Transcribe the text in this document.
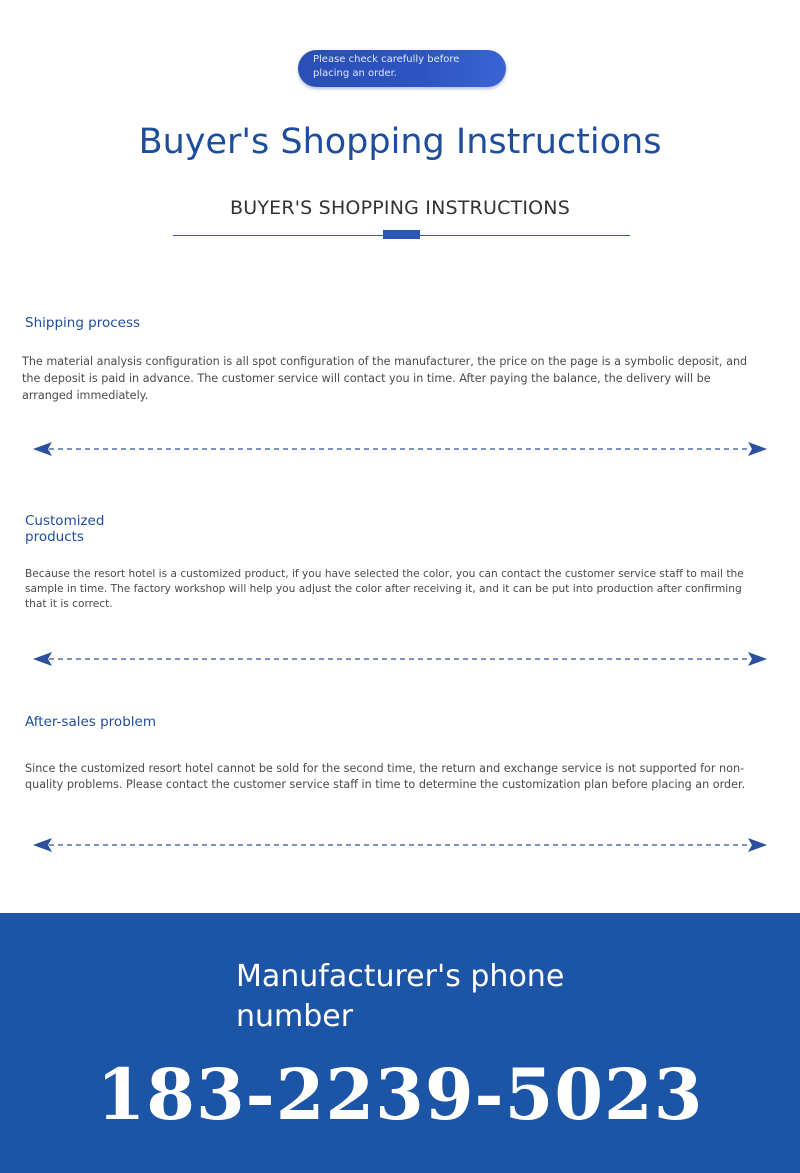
Please check carefully before placing an order.
Buyer's Shopping Instructions
BUYER'S SHOPPING INSTRUCTIONS
Shipping process
The material analysis configuration is all spot configuration of the manufacturer, the price on the page is a symbolic deposit, and the deposit is paid in advance. The customer service will contact you in time. After paying the balance, the delivery will be arranged immediately.
Customized products
Because the resort hotel is a customized product, if you have selected the color, you can contact the customer service staff to mail the sample in time. The factory workshop will help you adjust the color after receiving it, and it can be put into production after confirming that it is correct.
After-sales problem
Since the customized resort hotel cannot be sold for the second time, the return and exchange service is not supported for non-quality problems. Please contact the customer service staff in time to determine the customization plan before placing an order.
Manufacturer's phone number
183-2239-5023
